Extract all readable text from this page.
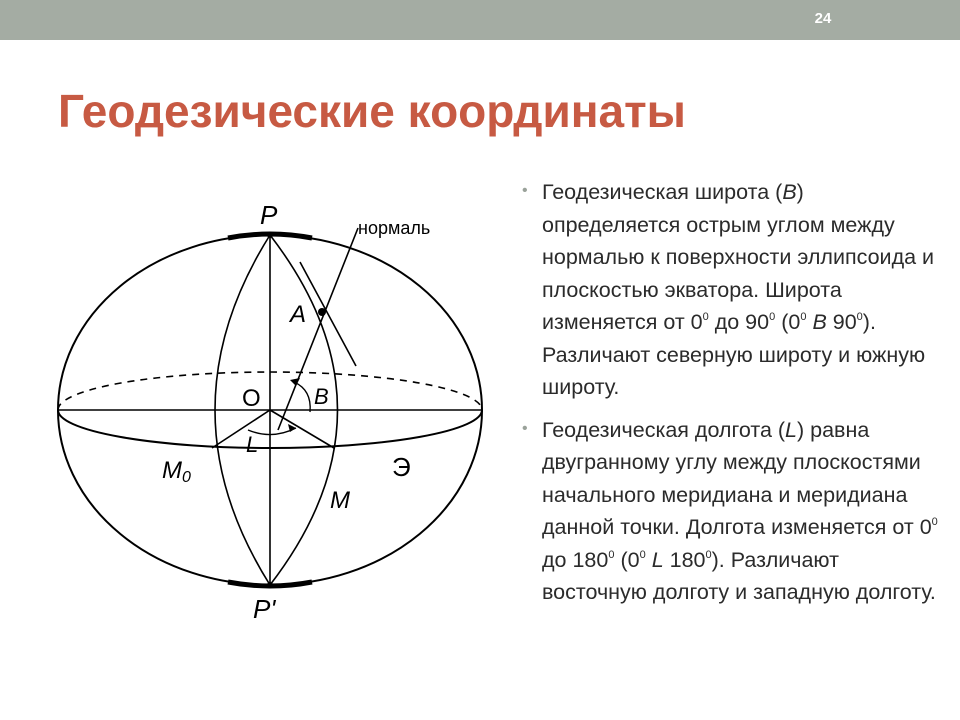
24
Геодезические координаты
P
P'
A
O B
L
M0
M
Э
нормаль
• Геодезическая широта (B) определяется острым углом между нормалью к поверхности эллипсоида и плоскостью экватора. Широта изменяется от $0^0$ до $90^0$ ($0^0$ B $90^0$). Различают северную широту и южную широту.
• Геодезическая долгота (L) равна двугранному углу между плоскостями начального меридиана и меридиана данной точки. Долгота изменяется от $0^0$ до $180^0$ ($0^0$ L $180^0$). Различают восточную долготу и западную долготу.
